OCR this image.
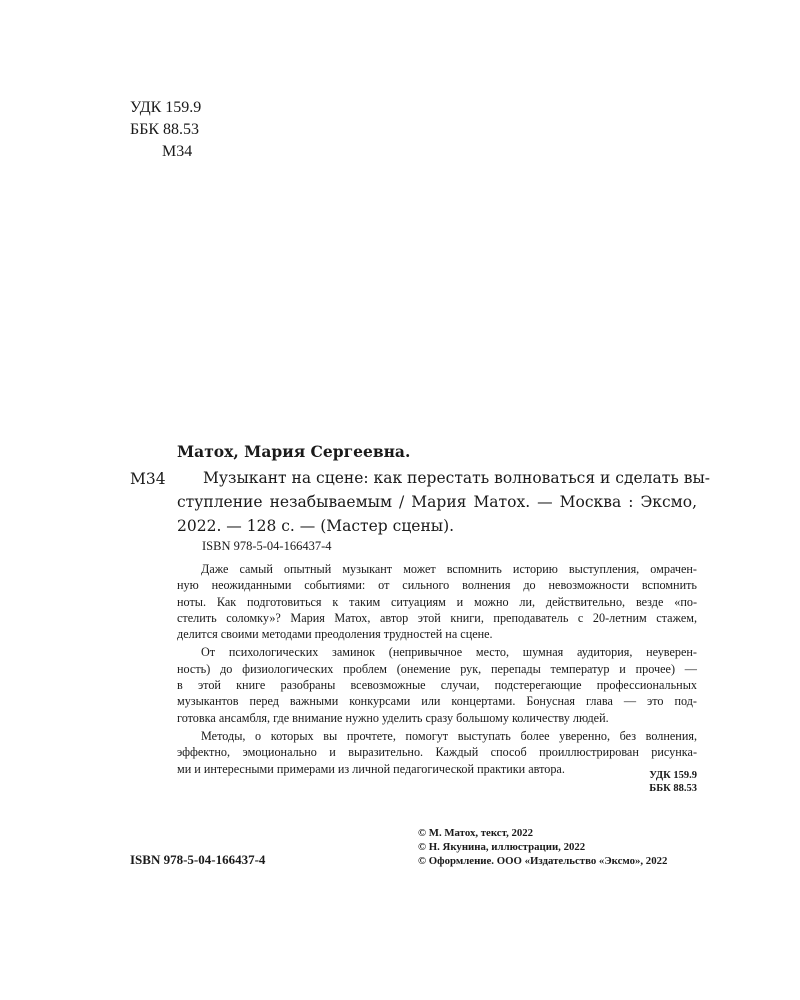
УДК 159.9
ББК 88.53
М34
Матох, Мария Сергеевна.
М34	Музыкант на сцене: как перестать волноваться и сделать вы-
ступление незабываемым / Мария Матох. — Москва : Эксмо,
2022. — 128 с. — (Мастер сцены).
ISBN 978-5-04-166437-4
Даже самый опытный музыкант может вспомнить историю выступления, омрачен-
ную неожиданными событиями: от сильного волнения до невозможности вспомнить
ноты. Как подготовиться к таким ситуациям и можно ли, действительно, везде «по-
стелить соломку»? Мария Матох, автор этой книги, преподаватель с 20-летним стажем,
делится своими методами преодоления трудностей на сцене.
От психологических заминок (непривычное место, шумная аудитория, неуверен-
ность) до физиологических проблем (онемение рук, перепады температур и прочее) —
в этой книге разобраны всевозможные случаи, подстерегающие профессиональных
музыкантов перед важными конкурсами или концертами. Бонусная глава — это под-
готовка ансамбля, где внимание нужно уделить сразу большому количеству людей.
Методы, о которых вы прочтете, помогут выступать более уверенно, без волнения,
эффектно, эмоционально и выразительно. Каждый способ проиллюстрирован рисунка-
ми и интересными примерами из личной педагогической практики автора.	УДК 159.9
ББК 88.53
ISBN 978-5-04-166437-4
© М. Матох, текст, 2022
© Н. Якунина, иллюстрации, 2022
© Оформление. ООО «Издательство «Эксмо», 2022
